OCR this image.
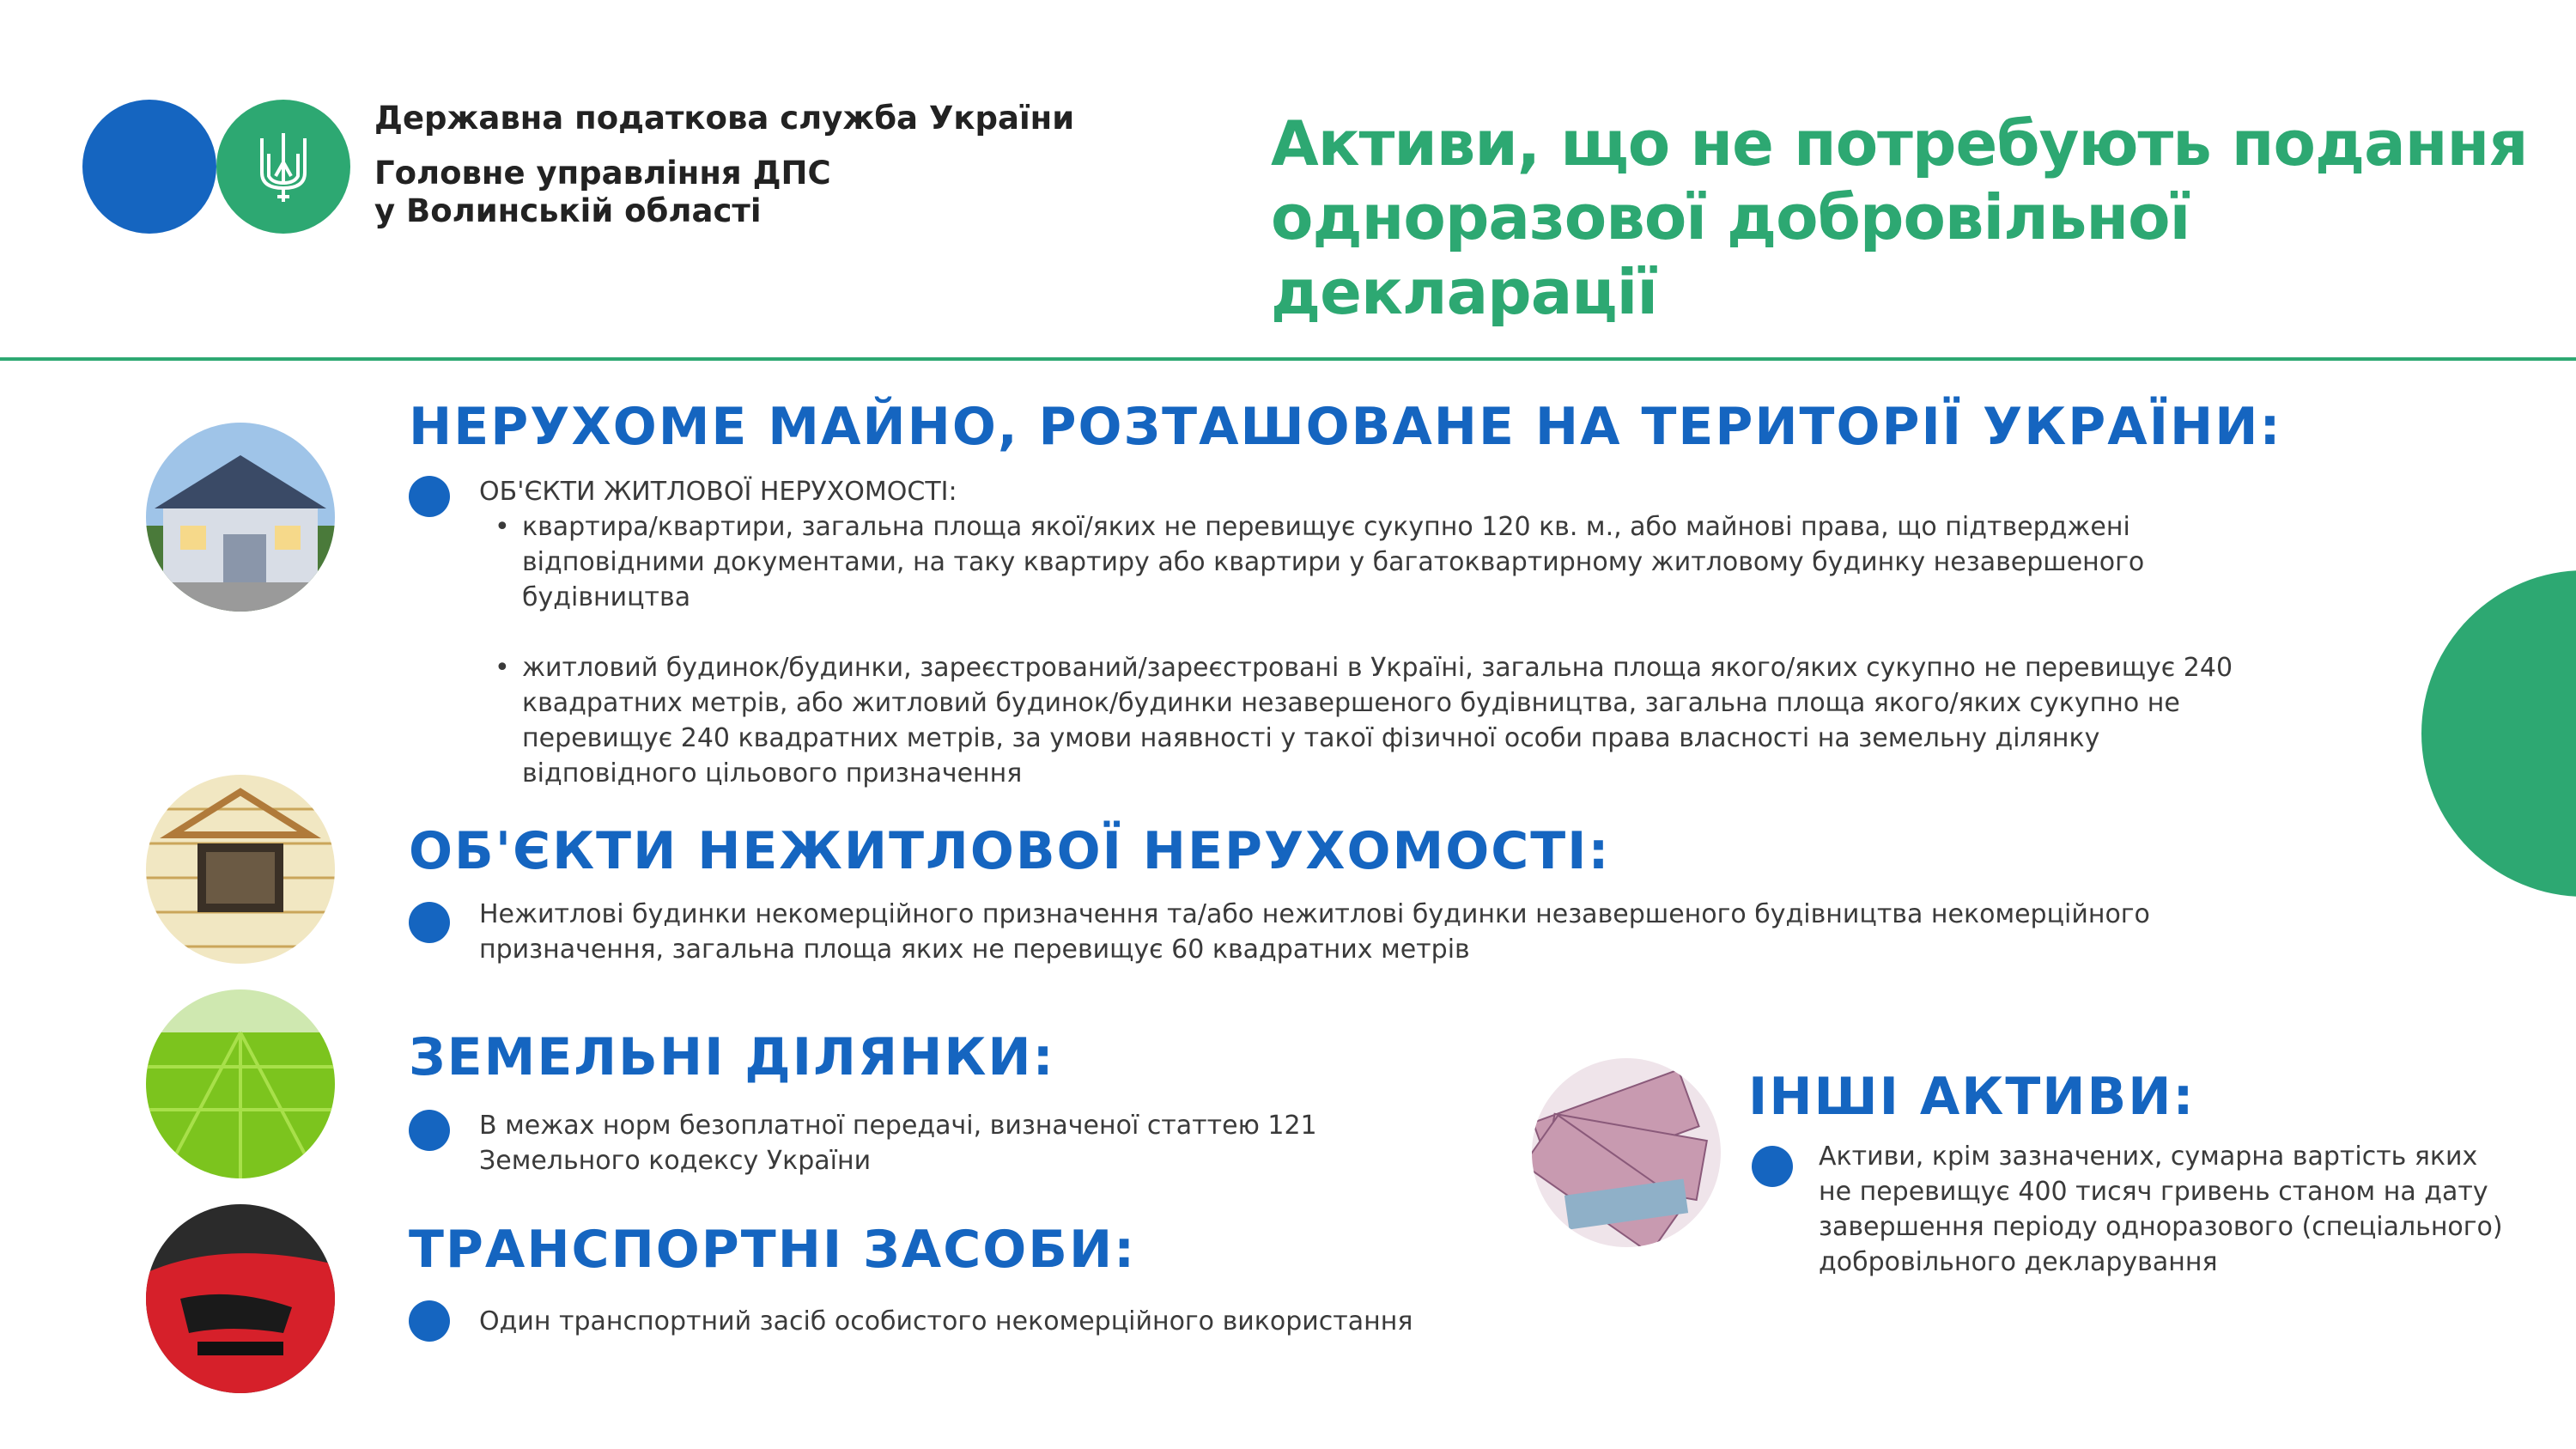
Державна податкова служба України
Головне управління ДПС
у Волинській області
Активи, що не потребують подання
одноразової добровільної декларації
НЕРУХОМЕ МАЙНО, РОЗТАШОВАНЕ НА ТЕРИТОРІЇ УКРАЇНИ:
ОБ'ЄКТИ ЖИТЛОВОЇ НЕРУХОМОСТІ:
• квартира/квартири, загальна площа якої/яких не перевищує сукупно 120 кв. м., або майнові права, що підтверджені відповідними документами, на таку квартиру або квартири у багатоквартирному житловому будинку незавершеного будівництва
• житловий будинок/будинки, зареєстрований/зареєстровані в Україні, загальна площа якого/яких сукупно не перевищує 240 квадратних метрів, або житловий будинок/будинки незавершеного будівництва, загальна площа якого/яких сукупно не перевищує 240 квадратних метрів, за умови наявності у такої фізичної особи права власності на земельну ділянку відповідного цільового призначення
ОБ'ЄКТИ НЕЖИТЛОВОЇ НЕРУХОМОСТІ:
Нежитлові будинки некомерційного призначення та/або нежитлові будинки незавершеного будівництва некомерційного призначення, загальна площа яких не перевищує 60 квадратних метрів
ЗЕМЕЛЬНІ ДІЛЯНКИ:
В межах норм безоплатної передачі, визначеної статтею 121 Земельного кодексу України
ТРАНСПОРТНІ ЗАСОБИ:
Один транспортний засіб особистого некомерційного використання
ІНШІ АКТИВИ:
Активи, крім зазначених, сумарна вартість яких не перевищує 400 тисяч гривень станом на дату завершення періоду одноразового (спеціального) добровільного декларування
